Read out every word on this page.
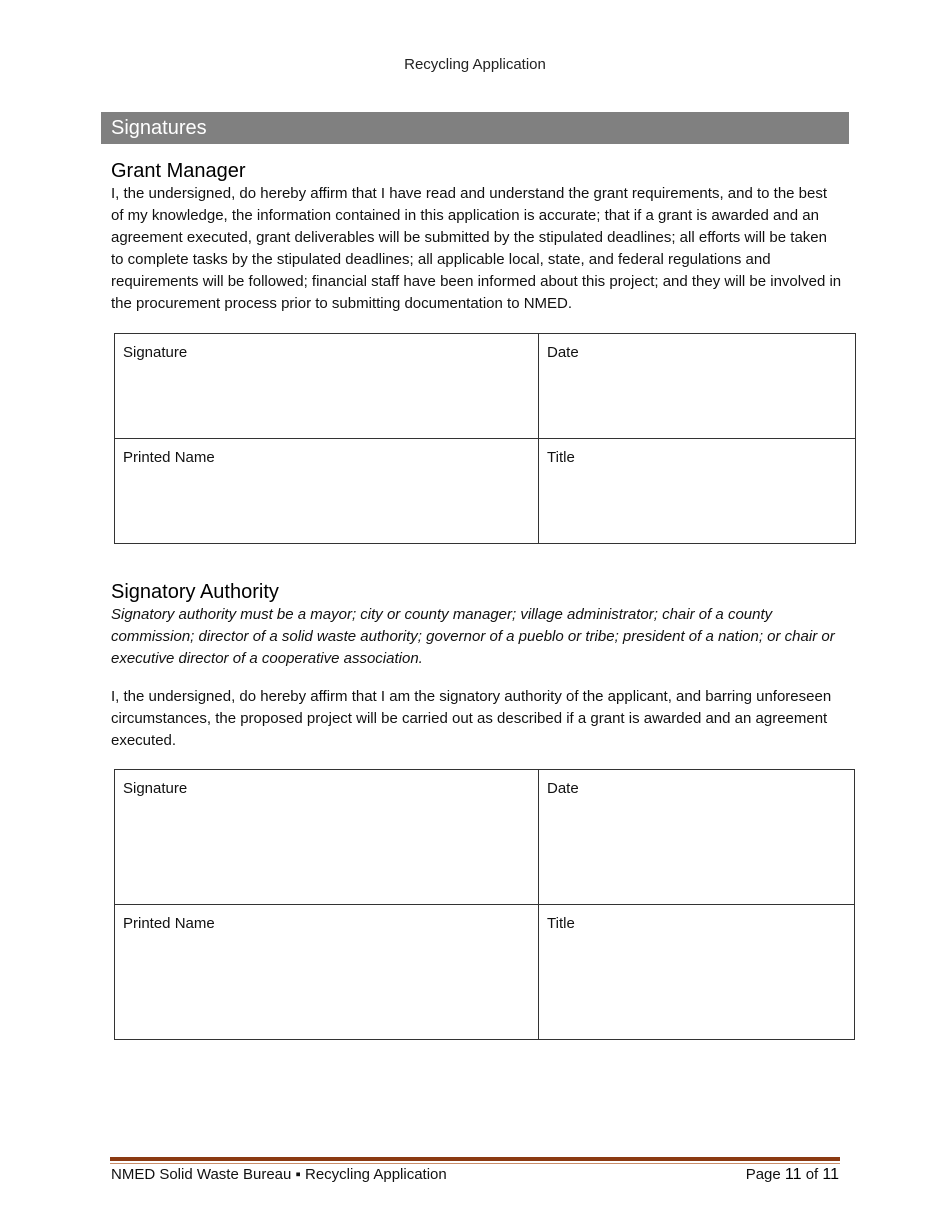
Recycling Application
Signatures
Grant Manager

I, the undersigned, do hereby affirm that I have read and understand the grant requirements, and to the best of my knowledge, the information contained in this application is accurate; that if a grant is awarded and an agreement executed, grant deliverables will be submitted by the stipulated deadlines; all efforts will be taken to complete tasks by the stipulated deadlines; all applicable local, state, and federal regulations and requirements will be followed; financial staff have been informed about this project; and they will be involved in the procurement process prior to submitting documentation to NMED.

Signature	Date
Printed Name	Title
Signatory Authority

Signatory authority must be a mayor; city or county manager; village administrator; chair of a county commission; director of a solid waste authority; governor of a pueblo or tribe; president of a nation; or chair or executive director of a cooperative association.

I, the undersigned, do hereby affirm that I am the signatory authority of the applicant, and barring unforeseen circumstances, the proposed project will be carried out as described if a grant is awarded and an agreement executed.

Signature	Date
Printed Name	Title
NMED Solid Waste Bureau ▪ Recycling Application	Page 11 of 11
